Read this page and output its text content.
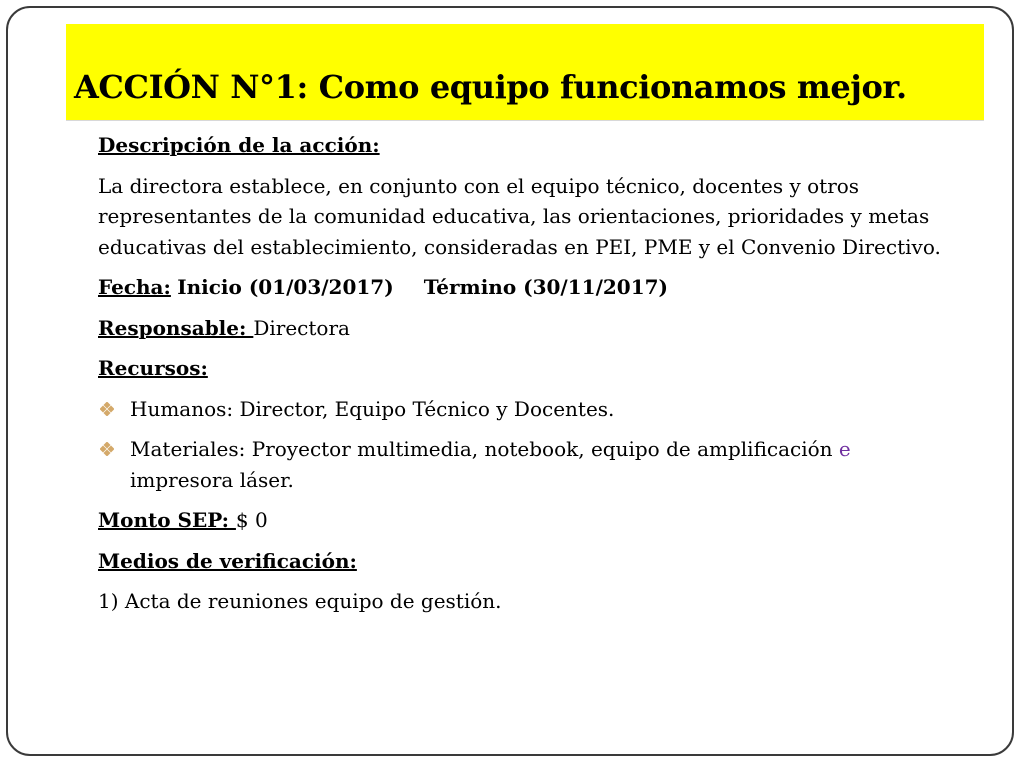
ACCIÓN N°1: Como equipo funcionamos mejor.
Descripción de la acción:
La directora establece, en conjunto con el equipo técnico, docentes y otros representantes de la comunidad educativa, las orientaciones, prioridades y metas educativas del establecimiento, consideradas en PEI, PME y el Convenio Directivo.
Fecha: Inicio (01/03/2017) Término (30/11/2017)
Responsable: Directora
Recursos:
Humanos: Director, Equipo Técnico y Docentes.
Materiales: Proyector multimedia, notebook, equipo de amplificación e impresora láser.
Monto SEP: $ 0
Medios de verificación:
1) Acta de reuniones equipo de gestión.
